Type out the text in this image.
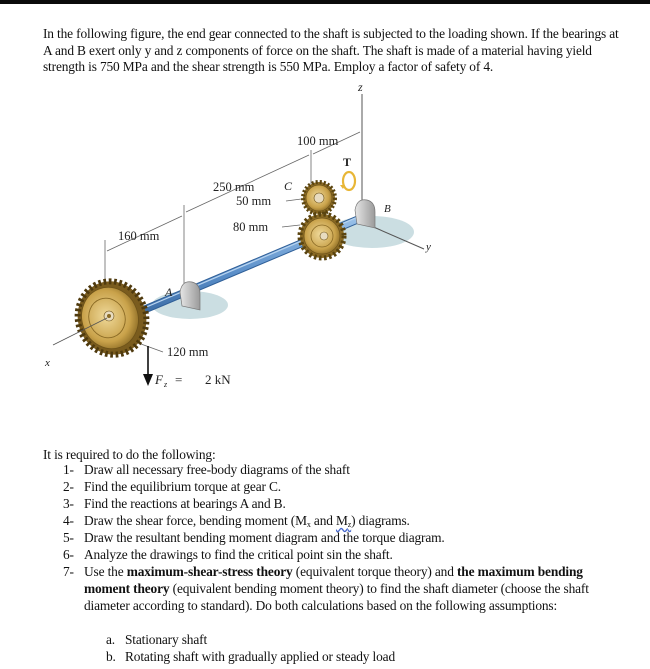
In the following figure, the end gear connected to the shaft is subjected to the loading shown. If the bearings at A and B exert only y and z components of force on the shaft. The shaft is made of a material having yield strength is 750 MPa and the shear strength is 550 MPa. Employ a factor of safety of 4.

z
y
A
B
T
x
100 mm
250 mm C
50 mm
80 mm
160 mm
120 mm
F z = 2 kN
It is required to do the following:
1- Draw all necessary free-body diagrams of the shaft
2- Find the equilibrium torque at gear C.
3- Find the reactions at bearings A and B.
4- Draw the shear force, bending moment ($M_x$ and $M_z$) diagrams.
5- Draw the resultant bending moment diagram and the torque diagram.
6- Analyze the drawings to find the critical point sin the shaft.
7- Use the maximum-shear-stress theory (equivalent torque theory) and the maximum bending moment theory (equivalent bending moment theory) to find the shaft diameter (choose the shaft diameter according to standard). Do both calculations based on the following assumptions:
a. Stationary shaft
b. Rotating shaft with gradually applied or steady load
